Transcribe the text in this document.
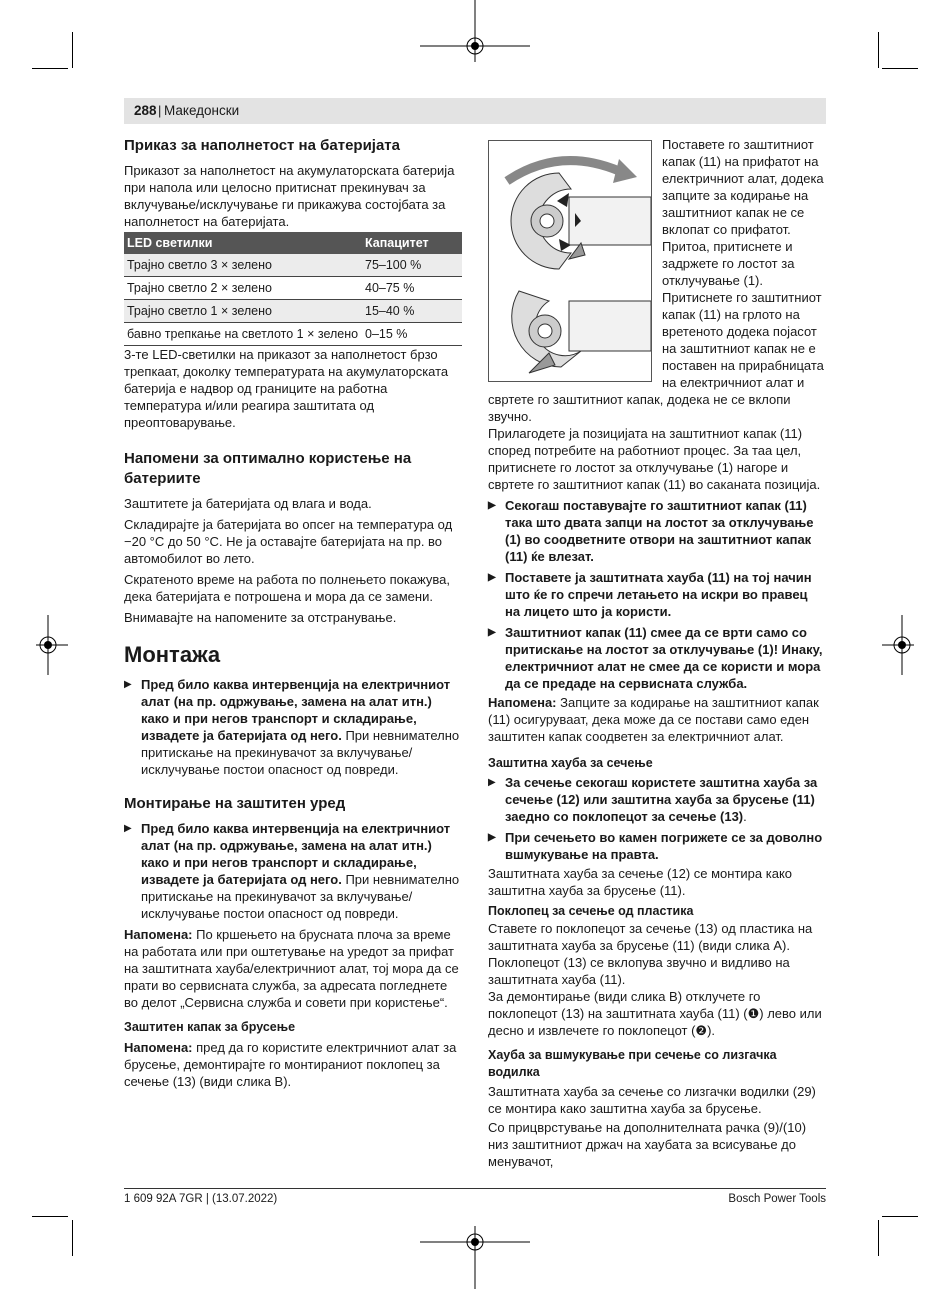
288 | Македонски
Приказ за наполнетост на батеријата

Приказот за наполнетост на акумулаторската батерија при напола или целосно притиснат прекинувач за вклучување/исклучување ги прикажува состојбата за наполнетост на батеријата.

LED светилки	Капацитет
Трајно светло 3 × зелено	75–100 %
Трајно светло 2 × зелено	40–75 %
Трајно светло 1 × зелено	15–40 %
бавно трепкање на светлото 1 × зелено	0–15 %

3-те LED-светилки на приказот за наполнетост брзо трепкаат, доколку температурата на акумулаторската батерија е надвор од границите на работна температура и/или реагира заштитата од преоптоварување.

Напомени за оптимално користење на батериите

Заштитете ја батеријата од влага и вода.

Складирајте ја батеријата во опсег на температура од −20 °C до 50 °C. Не ја оставајте батеријата на пр. во автомобилот во лето.

Скратеното време на работа по полнењето покажува, дека батеријата е потрошена и мора да се замени.

Внимавајте на напомените за отстранување.

Монтажа

▶ Пред било каква интервенција на електричниот алат (на пр. одржување, замена на алат итн.) како и при негов транспорт и складирање, извадете ја батеријата од него. При невнимателно притискање на прекинувачот за вклучување/исклучување постои опасност од повреди.

Монтирање на заштитен уред

▶ Пред било каква интервенција на електричниот алат (на пр. одржување, замена на алат итн.) како и при негов транспорт и складирање, извадете ја батеријата од него. При невнимателно притискање на прекинувачот за вклучување/исклучување постои опасност од повреди.

Напомена: По кршењето на брусната плоча за време на работата или при оштетување на уредот за прифат на заштитната хауба/електричниот алат, тој мора да се прати во сервисната служба, за адресата погледнете во делот „Сервисна служба и совети при користење“.

Заштитен капак за брусење

Напомена: пред да го користите електричниот алат за брусење, демонтирајте го монтираниот поклопец за сечење (13) (види слика B).

Поставете го заштитниот капак (11) на прифатот на електричниот алат, додека запците за кодирање на заштитниот капак не се вклопат со прифатот. Притоа, притиснете и задржете го лостот за отклучување (1). Притиснете го заштитниот капак (11) на грлото на вретеното додека појасот на заштитниот капак не е поставен на прирабницата на електричниот алат и

свртете го заштитниот капак, додека не се вклопи звучно.

Прилагодете ја позицијата на заштитниот капак (11) според потребите на работниот процес. За таа цел, притиснете го лостот за отклучување (1) нагоре и свртете го заштитниот капак (11) во саканата позиција.

▶ Секогаш поставувајте го заштитниот капак (11) така што двата запци на лостот за отклучување (1) во соодветните отвори на заштитниот капак (11) ќе влезат.

▶ Поставете ја заштитната хауба (11) на тој начин што ќе го спречи летањето на искри во правец на лицето што ја користи.

▶ Заштитниот капак (11) смее да се врти само со притискање на лостот за отклучување (1)! Инаку, електричниот алат не смее да се користи и мора да се предаде на сервисната служба.

Напомена: Запците за кодирање на заштитниот капак (11) осигуруваат, дека може да се постави само еден заштитен капак соодветен за електричниот алат.

Заштитна хауба за сечење

▶ За сечење секогаш користете заштитна хауба за сечење (12) или заштитна хауба за брусење (11) заедно со поклопецот за сечење (13).

▶ При сечењето во камен погрижете се за доволно вшмукување на правта.

Заштитната хауба за сечење (12) се монтира како заштитна хауба за брусење (11).

Поклопец за сечење од пластика

Ставете го поклопецот за сечење (13) од пластика на заштитната хауба за брусење (11) (види слика A).

Поклопецот (13) се вклопува звучно и видливо на заштитната хауба (11).

За демонтирање (види слика B) отклучете го поклопецот (13) на заштитната хауба (11) (❶) лево или десно и извлечете го поклопецот (❷).

Хауба за вшмукување при сечење со лизгачка водилка

Заштитната хауба за сечење со лизгачки водилки (29) се монтира како заштитна хауба за брусење.

Со прицврстување на дополнителната рачка (9)/(10) низ заштитниот држач на хаубата за всисување до менувачот,

1 609 92A 7GR | (13.07.2022)	Bosch Power Tools
